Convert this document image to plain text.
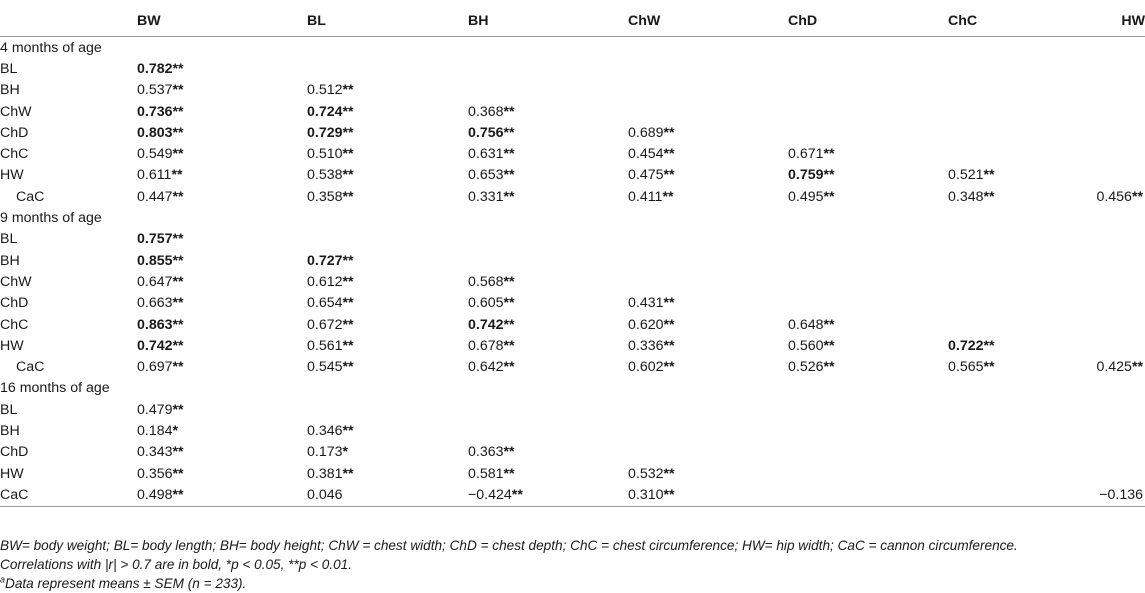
	BW	BL	BH	ChW	ChD	ChC	HW
4 months of age							
BL	0.782**						
BH	0.537**	0.512**					
ChW	0.736**	0.724**	0.368**				
ChD	0.803**	0.729**	0.756**	0.689**			
ChC	0.549**	0.510**	0.631**	0.454**	0.671**		
HW	0.611**	0.538**	0.653**	0.475**	0.759**	0.521**	
CaC	0.447**	0.358**	0.331**	0.411**	0.495**	0.348**	0.456**
9 months of age							
BL	0.757**						
BH	0.855**	0.727**					
ChW	0.647**	0.612**	0.568**				
ChD	0.663**	0.654**	0.605**	0.431**			
ChC	0.863**	0.672**	0.742**	0.620**	0.648**		
HW	0.742**	0.561**	0.678**	0.336**	0.560**	0.722**	
CaC	0.697**	0.545**	0.642**	0.602**	0.526**	0.565**	0.425**
16 months of age							
BL	0.479**						
BH	0.184*	0.346**					
ChD	0.343**	0.173*	0.363**				
HW	0.356**	0.381**	0.581**	0.532**			
CaC	0.498**	0.046	−0.424**	0.310**			−0.136

BW= body weight; BL= body length; BH= body height; ChW = chest width; ChD = chest depth; ChC = chest circumference; HW= hip width; CaC = cannon circumference.

Correlations with |r| > 0.7 are in bold, *p < 0.05, **p < 0.01.

$^a$Data represent means ± SEM (n = 233).
